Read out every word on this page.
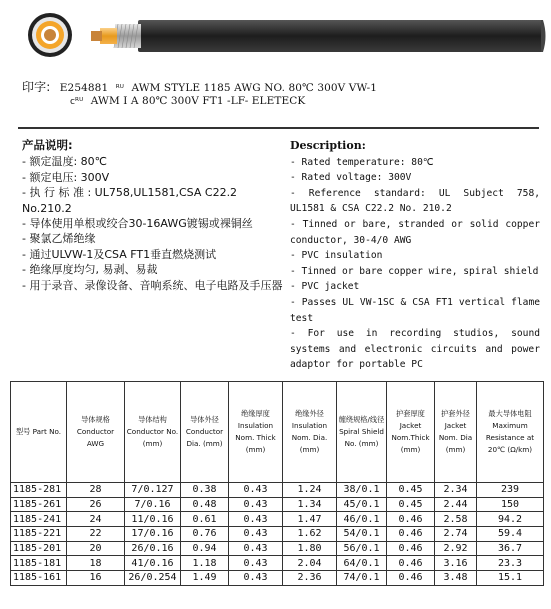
印字: E254881 ᴿᵁ AWM STYLE 1185 AWG NO. 80℃ 300V VW-1
cᴿᵁ AWM I A 80℃ 300V FT1 -LF- ELETECK
产品说明:
- 额定温度: 80℃
- 额定电压: 300V
- 执 行 标 准 : UL758,UL1581,CSA C22.2 No.210.2
- 导体使用单根或绞合30-16AWG镀锡或裸铜丝
- 聚氯乙烯绝缘
- 通过ULVW-1及CSA FT1垂直燃烧测试
- 绝缘厚度均匀, 易剥、易裁
- 用于录音、录像设备、音响系统、电子电路及手压器
Description:
- Rated temperature: 80℃
- Rated voltage: 300V
- Reference standard: UL Subject 758, UL1581 & CSA C22.2 No. 210.2
- Tinned or bare, stranded or solid copper conductor, 30-4/0 AWG
- PVC insulation
- Tinned or bare copper wire, spiral shield
- PVC jacket
- Passes UL VW-1SC & CSA FT1 vertical flame test
- For use in recording studios, sound systems and electronic circuits and power adaptor for portable PC
型号 Part No.	导体规格 Conductor AWG	导体结构 Conductor No. (mm)	导体外径 Conductor Dia. (mm)	绝缘厚度 Insulation Nom. Thick (mm)	绝缘外径 Insulation Nom. Dia. (mm)	缠绕规格/线径 Spiral Shield No. (mm)	护套厚度 Jacket Nom.Thick (mm)	护套外径 Jacket Nom. Dia (mm)	最大导体电阻 Maximum Resistance at 20℃ (Ω/km)
1185-281	28	7/0.127	0.38	0.43	1.24	38/0.1	0.45	2.34	239
1185-261	26	7/0.16	0.48	0.43	1.34	45/0.1	0.45	2.44	150
1185-241	24	11/0.16	0.61	0.43	1.47	46/0.1	0.46	2.58	94.2
1185-221	22	17/0.16	0.76	0.43	1.62	54/0.1	0.46	2.74	59.4
1185-201	20	26/0.16	0.94	0.43	1.80	56/0.1	0.46	2.92	36.7
1185-181	18	41/0.16	1.18	0.43	2.04	64/0.1	0.46	3.16	23.3
1185-161	16	26/0.254	1.49	0.43	2.36	74/0.1	0.46	3.48	15.1
